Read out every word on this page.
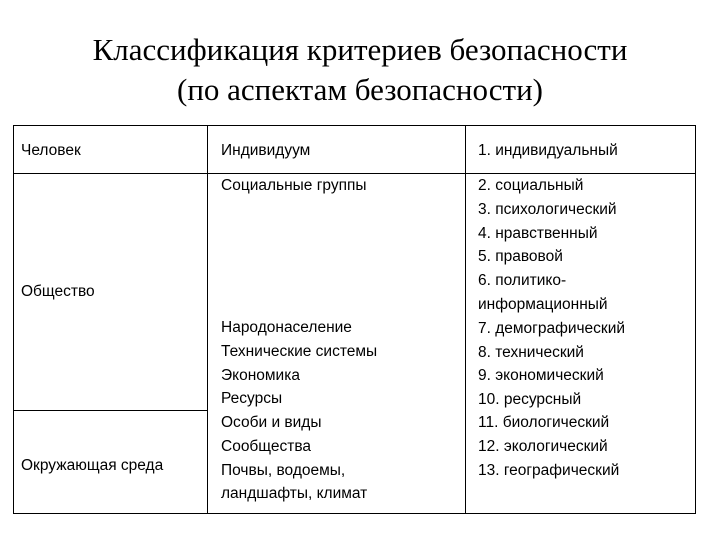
Классификация критериев безопасности
(по аспектам безопасности)
Человек	Индивидуум	1. индивидуальный
Общество
Социальные группы
Народонаселение
Технические системы
Экономика
Ресурсы
2. социальный
3. психологический
4. нравственный
5. правовой
6. политико-
информационный
7. демографический
8. технический
9. экономический
10. ресурсный
Окружающая среда
Особи и виды
Сообщества
Почвы, водоемы,
ландшафты, климат
11. биологический
12. экологический
13. географический
